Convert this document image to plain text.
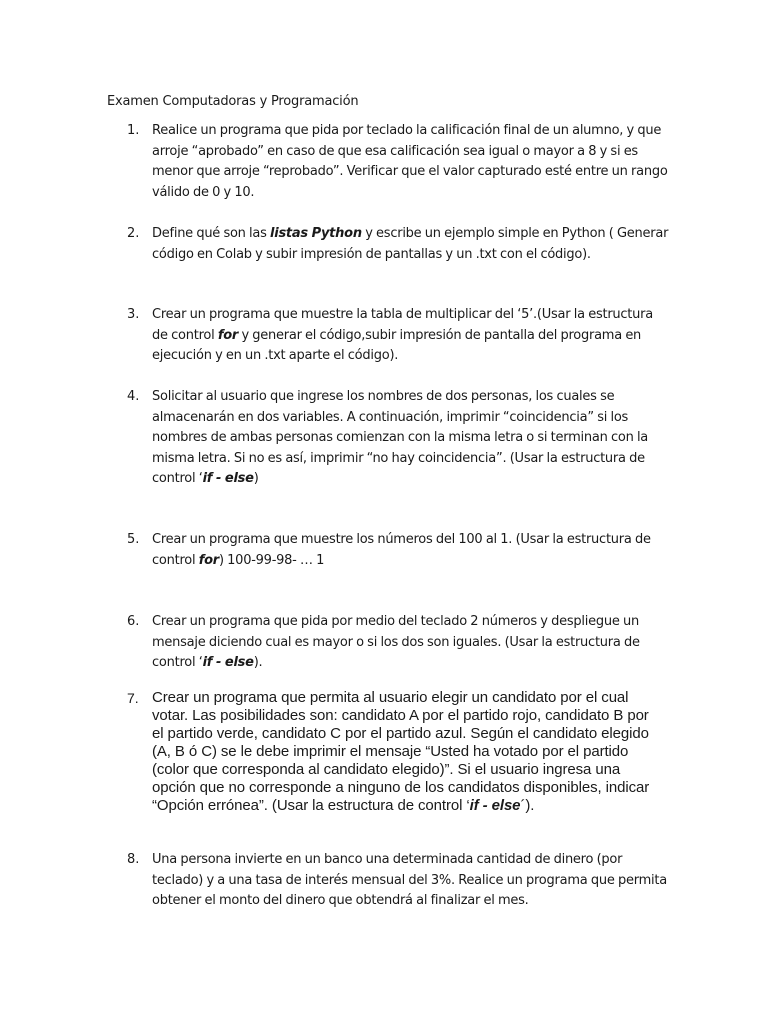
Examen Computadoras y Programación
1. Realice un programa que pida por teclado la calificación final de un alumno, y que arroje “aprobado” en caso de que esa calificación sea igual o mayor a 8 y si es menor que arroje “reprobado”. Verificar que el valor capturado esté entre un rango válido de 0 y 10.
2. Define qué son las listas Python y escribe un ejemplo simple en Python ( Generar código en Colab y subir impresión de pantallas y un .txt con el código).
3. Crear un programa que muestre la tabla de multiplicar del ‘5’.(Usar la estructura de control for y generar el código,subir impresión de pantalla del programa en ejecución y en un .txt aparte el código).
4. Solicitar al usuario que ingrese los nombres de dos personas, los cuales se almacenarán en dos variables. A continuación, imprimir “coincidencia” si los nombres de ambas personas comienzan con la misma letra o si terminan con la misma letra. Si no es así, imprimir “no hay coincidencia”. (Usar la estructura de control ‘if - else)
5. Crear un programa que muestre los números del 100 al 1. (Usar la estructura de control for) 100-99-98- … 1
6. Crear un programa que pida por medio del teclado 2 números y despliegue un mensaje diciendo cual es mayor o si los dos son iguales. (Usar la estructura de control ‘if - else).
7. Crear un programa que permita al usuario elegir un candidato por el cual votar. Las posibilidades son: candidato A por el partido rojo, candidato B por el partido verde, candidato C por el partido azul. Según el candidato elegido (A, B ó C) se le debe imprimir el mensaje “Usted ha votado por el partido (color que corresponda al candidato elegido)”. Si el usuario ingresa una opción que no corresponde a ninguno de los candidatos disponibles, indicar “Opción errónea”. (Usar la estructura de control ‘if - else´).
8. Una persona invierte en un banco una determinada cantidad de dinero (por teclado) y a una tasa de interés mensual del 3%. Realice un programa que permita obtener el monto del dinero que obtendrá al finalizar el mes.
